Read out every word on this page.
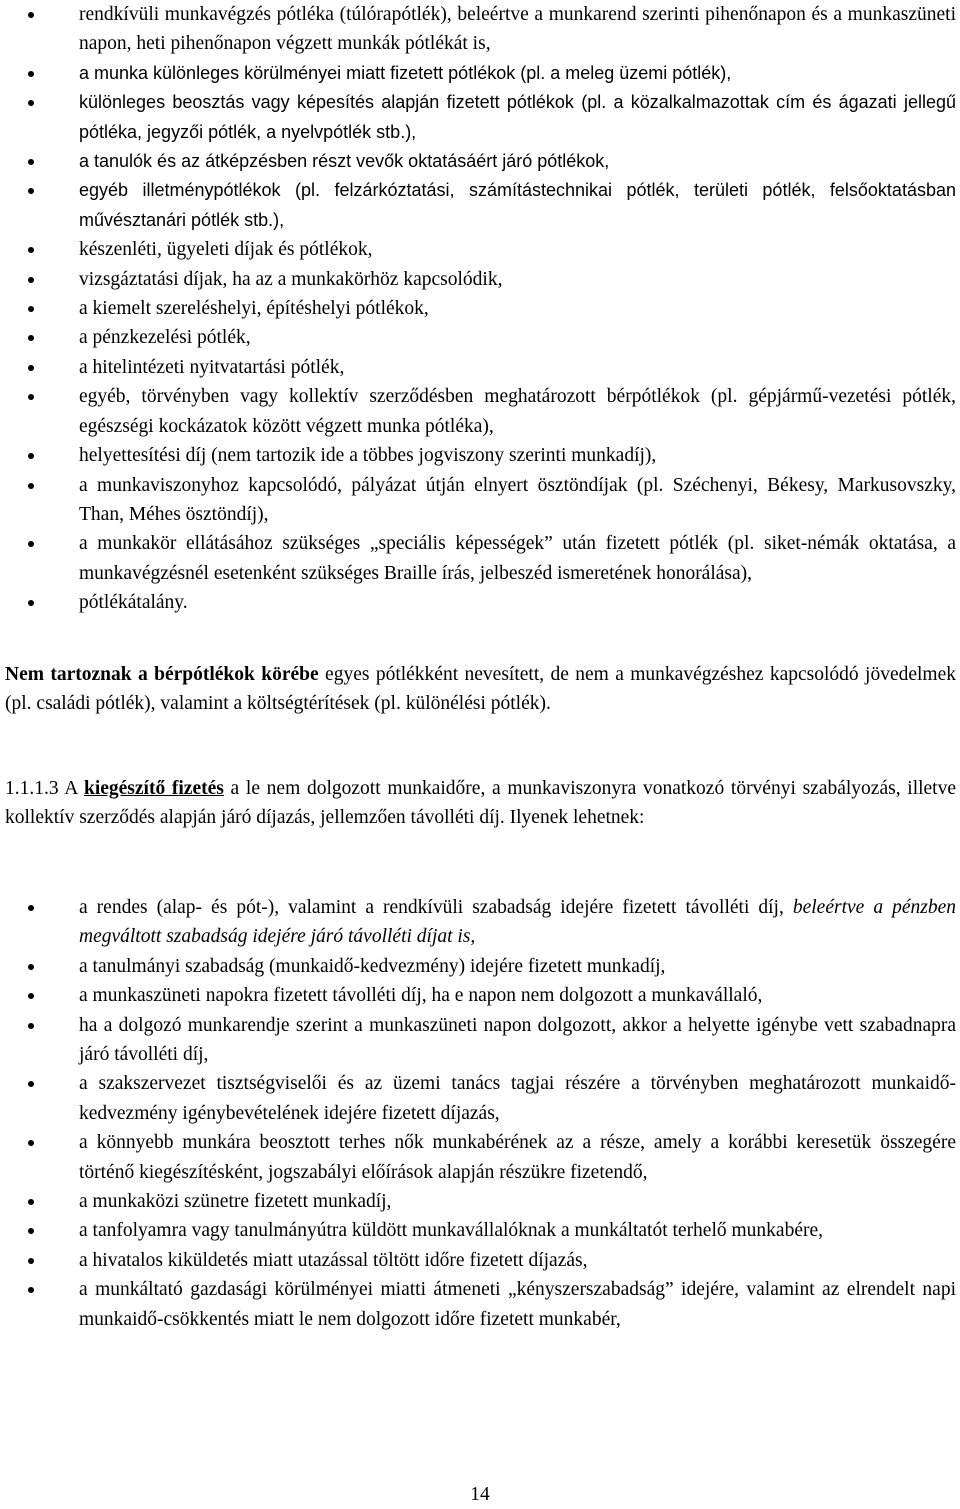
rendkívüli munkavégzés pótléka (túlórapótlék), beleértve a munkarend szerinti pihenőnapon és a munkaszüneti napon, heti pihenőnapon végzett munkák pótlékát is,
a munka különleges körülményei miatt fizetett pótlékok (pl. a meleg üzemi pótlék),
különleges beosztás vagy képesítés alapján fizetett pótlékok (pl. a közalkalmazottak cím és ágazati jellegű pótléka, jegyzői pótlék, a nyelvpótlék stb.),
a tanulók és az átképzésben részt vevők oktatásáért járó pótlékok,
egyéb illetménypótlékok (pl. felzárkóztatási, számítástechnikai pótlék, területi pótlék, felsőoktatásban művésztanári pótlék stb.),
készenléti, ügyeleti díjak és pótlékok,
vizsgáztatási díjak, ha az a munkakörhöz kapcsolódik,
a kiemelt szereléshelyi, építéshelyi pótlékok,
a pénzkezelési pótlék,
a hitelintézeti nyitvatartási pótlék,
egyéb, törvényben vagy kollektív szerződésben meghatározott bérpótlékok (pl. gépjármű-vezetési pótlék, egészségi kockázatok között végzett munka pótléka),
helyettesítési díj (nem tartozik ide a többes jogviszony szerinti munkadíj),
a munkaviszonyhoz kapcsolódó, pályázat útján elnyert ösztöndíjak (pl. Széchenyi, Békesy, Markusovszky, Than, Méhes ösztöndíj),
a munkakör ellátásához szükséges „speciális képességek” után fizetett pótlék (pl. siket-némák oktatása, a munkavégzésnél esetenként szükséges Braille írás, jelbeszéd ismeretének honorálása),
pótlékátalány.

Nem tartoznak a bérpótlékok körébe egyes pótlékként nevesített, de nem a munkavégzéshez kapcsolódó jövedelmek (pl. családi pótlék), valamint a költségtérítések (pl. különélési pótlék).

1.1.1.3 A kiegészítő fizetés a le nem dolgozott munkaidőre, a munkaviszonyra vonatkozó törvényi szabályozás, illetve kollektív szerződés alapján járó díjazás, jellemzően távolléti díj. Ilyenek lehetnek:

a rendes (alap- és pót-), valamint a rendkívüli szabadság idejére fizetett távolléti díj, beleértve a pénzben megváltott szabadság idejére járó távolléti díjat is,
a tanulmányi szabadság (munkaidő-kedvezmény) idejére fizetett munkadíj,
a munkaszüneti napokra fizetett távolléti díj, ha e napon nem dolgozott a munkavállaló,
ha a dolgozó munkarendje szerint a munkaszüneti napon dolgozott, akkor a helyette igénybe vett szabadnapra járó távolléti díj,
a szakszervezet tisztségviselői és az üzemi tanács tagjai részére a törvényben meghatározott munkaidő-kedvezmény igénybevételének idejére fizetett díjazás,
a könnyebb munkára beosztott terhes nők munkabérének az a része, amely a korábbi keresetük összegére történő kiegészítésként, jogszabályi előírások alapján részükre fizetendő,
a munkaközi szünetre fizetett munkadíj,
a tanfolyamra vagy tanulmányútra küldött munkavállalóknak a munkáltatót terhelő munkabére,
a hivatalos kiküldetés miatt utazással töltött időre fizetett díjazás,
a munkáltató gazdasági körülményei miatti átmeneti „kényszerszabadság” idejére, valamint az elrendelt napi munkaidő-csökkentés miatt le nem dolgozott időre fizetett munkabér,
14
